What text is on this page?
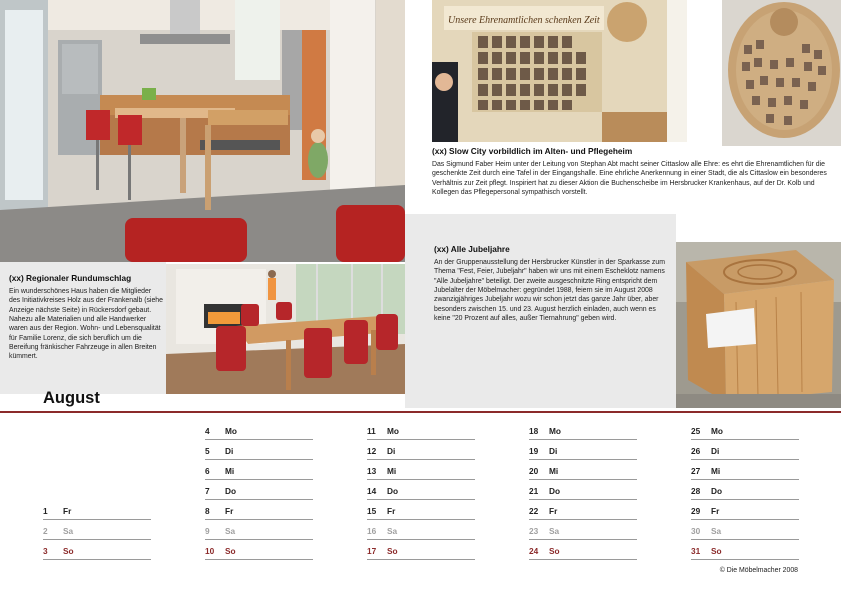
Unsere Ehrenamtlichen schenken Zeit
(xx) Slow City vorbildlich im Alten- und Pflegeheim

Das Sigmund Faber Heim unter der Leitung von Stephan Abt macht seiner Cittaslow alle Ehre: es ehrt die Ehrenamtlichen für die geschenkte Zeit durch eine Tafel in der Eingangshalle. Eine ehrliche Anerkennung in einer Stadt, die als Cittaslow ein besonderes Verhältnis zur Zeit pflegt. Inspiriert hat zu dieser Aktion die Buchenscheibe im Hersbrucker Krankenhaus, auf der Dr. Kolb und Kollegen das Pflegepersonal sympathisch vorstellt.

(xx) Regionaler Rundumschlag

Ein wunderschönes Haus haben die Mitglieder des Initiativkreises Holz aus der Frankenalb (siehe Anzeige nächste Seite) in Rückersdorf gebaut. Nahezu alle Materialien und alle Handwerker waren aus der Region. Wohn- und Lebensqualität für Familie Lorenz, die sich beruflich um die Bereifung fränkischer Fahrzeuge in allen Breiten kümmert.

(xx) Alle Jubeljahre

An der Gruppenausstellung der Hersbrucker Künstler in der Sparkasse zum Thema "Fest, Feier, Jubeljahr" haben wir uns mit einem Escheklotz namens "Alle Jubeljahre" beteiligt. Der zweite ausgeschnitzte Ring entspricht dem Jubelalter der Möbelmacher: gegründet 1988, feiern sie im August 2008 zwanzigjähriges Jubeljahr wozu wir schon jetzt das ganze Jahr über, aber besonders zwischen 15. und 23. August herzlich einladen, auch wenn es keine "20 Prozent auf alles, außer Tiernahrung" geben wird.

August
1	Fr
2	Sa
3	So
4	Mo
5	Di
6	Mi
7	Do
8	Fr
9	Sa
10	So
11	Mo
12	Di
13	Mi
14	Do
15	Fr
16	Sa
17	So
18	Mo
19	Di
20	Mi
21	Do
22	Fr
23	Sa
24	So
25	Mo
26	Di
27	Mi
28	Do
29	Fr
30	Sa
31	So
© Die Möbelmacher 2008
